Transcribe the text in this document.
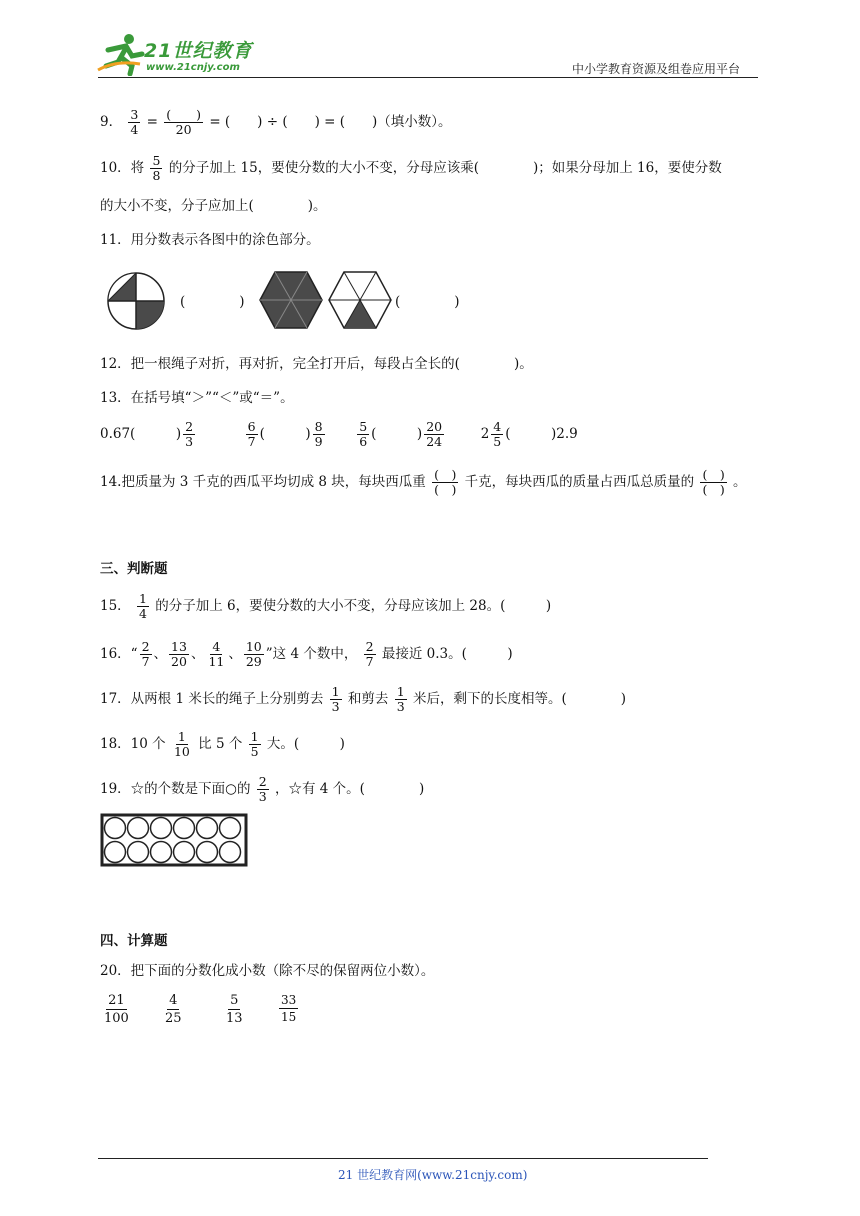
21世纪教育
www.21cnjy.com	中小学教育资源及组卷应用平台
9． $\frac{3}{4} = \frac{( )}{20}$ = (　　) ÷ (　　) = (　　)（填小数）。
10．将 $\frac{5}{8}$ 的分子加上 15，要使分数的大小不变，分母应该乘(　　　　)；如果分母加上 16，要使分数
的大小不变，分子应加上(　　　　)。
11．用分数表示各图中的涂色部分。
(　　　　)	(　　　　)
12．把一根绳子对折，再对折，完全打开后，每段占全长的(　　　　)。
13．在括号填“＞”“＜”或“＝”。
0.67(　　　) $\frac{2}{3}$
	$\frac{6}{7}$ (　　　) $\frac{8}{9}$
	$\frac{5}{6}$ (　　　) $\frac{20}{24}$	$2 \frac{4}{5}$ (　　　)2.9
14.把质量为 3 千克的西瓜平均切成 8 块，每块西瓜重 $\frac{( )}{( )}$ 千克，每块西瓜的质量占西瓜总质量的 $\frac{( )}{( )}$ 。
三、判断题
15． $\frac{1}{4}$ 的分子加上 6，要使分数的大小不变，分母应该加上 28。(　　　)
16．“ $\frac{2}{7}$ 、 $\frac{13}{20}$ 、 $\frac{4}{11}$ 、 $\frac{10}{29}$ ”这 4 个数中， $\frac{2}{7}$ 最接近 0.3。(　　　)
17．从两根 1 米长的绳子上分别剪去 $\frac{1}{3}$ 和剪去 $\frac{1}{3}$ 米后，剩下的长度相等。(　　　　)
18．10 个 $\frac{1}{10}$ 比 5 个 $\frac{1}{5}$ 大。(　　　)
19．☆的个数是下面○的 $\frac{2}{3}$ ，☆有 4 个。(　　　　)
四、计算题
20．把下面的分数化成小数（除不尽的保留两位小数）。
$\frac{21}{100} \frac{4}{25}$	$\frac{5}{13}$	$\frac{33}{15}$
21 世纪教育网(www.21cnjy.com)
